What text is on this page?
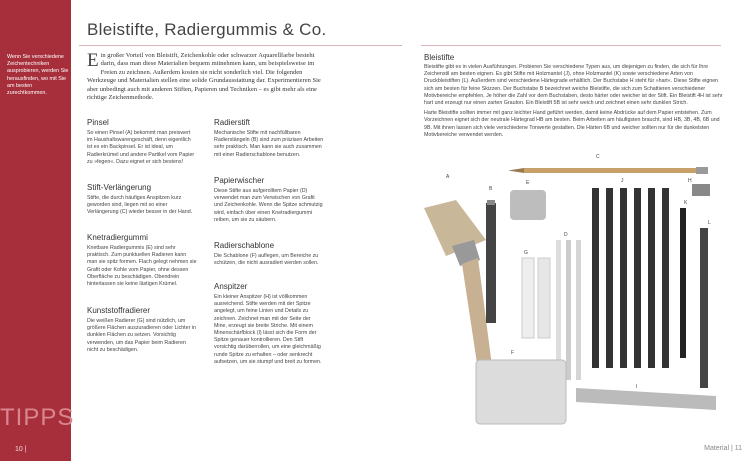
Wenn Sie verschiedene Zeichentechniken ausprobieren, werden Sie herausfinden, wo mit Sie am besten zurechtkommen.
TIPPS
10 |	Material | 11
Bleistifte, Radiergummis & Co.
Ein großer Vorteil von Bleistift, Zeichenkohle oder schwarzer Aquarellfarbe besteht darin, dass man diese Materialien bequem mitnehmen kann, um beispielsweise im Freien zu zeichnen. Außerdem kosten sie nicht sonderlich viel. Die folgenden Werkzeuge und Materialien stellen eine solide Grundausstattung dar. Experimentieren Sie aber unbedingt auch mit anderen Stiften, Papieren und Techniken – es gibt mehr als eine richtige Zeichenmethode.
Pinsel

So einen Pinsel (A) bekommt man preiswert im Haushaltswarengeschäft, denn eigentlich ist es ein Backpinsel. Er ist ideal, um Radierkrümel und andere Partikel vom Papier zu »fegen«. Dazu eignet er sich bestens!

Stift-Verlängerung

Stifte, die durch häufiges Anspitzen kurz geworden sind, liegen mit so einer Verlängerung (C) wieder besser in der Hand.

Knetradiergummi

Knetbare Radiergummis (E) sind sehr praktisch. Zum punktuellen Radieren kann man sie spitz formen. Flach gelegt nehmen sie Grafit oder Kohle vom Papier, ohne dessen Oberfläche zu beschädigen. Obendrein hinterlassen sie keine lästigen Krümel.

Kunststoffradierer

Die weißen Radierer (G) sind nützlich, um größere Flächen auszuradieren oder Lichter in dunklen Flächen zu setzen. Vorsichtig verwenden, um das Papier beim Radieren nicht zu beschädigen.

Radierstift

Mechanische Stifte mit nachfüllbaren Radierstängeln (B) sind zum präzisen Arbeiten sehr praktisch. Man kann sie auch zusammen mit einer Radierschablone benutzen.

Papierwischer

Diese Stifte aus aufgerolltem Papier (D) verwendet man zum Verwischen von Grafit und Zeichenkohle. Wenn die Spitze schmutzig wird, einfach über einen Knetradiergummi reiben, um sie zu säubern.

Radierschablone

Die Schablone (F) auflegen, um Bereiche zu schützen, die nicht ausradiert werden sollen.

Anspitzer

Ein kleiner Anspitzer (H) ist völlkommen ausreichend. Stifte werden mit der Spitze angelegt, um feine Linien und Details zu zeichnen. Zeichnet man mit der Seite der Mine, erzeugt sie breite Striche. Mit einem Minenschärfblock (I) lässt sich die Form der Spitze genauer kontrollieren. Den Stift vorsichtig darüberrollen, um eine gleichmäßig runde Spitze zu erhalten – oder senkrecht aufsetzen, um sie stumpf und breit zu formen.

Bleistifte

Bleistifte gibt es in vielen Ausführungen. Probieren Sie verschiedene Typen aus, um diejenigen zu finden, die sich für Ihre Zeichenstil am besten eignen. Es gibt Stifte mit Holzmantel (J), ohne Holzmantel (K) sowie verschiedene Arten von Druckbleistiften (L). Außerdem sind verschiedene Härtegrade erhältlich. Der Buchstabe H steht für »hart«. Diese Stifte eignen sich am besten für feine Skizzen. Der Buchstabe B bezeichnet weiche Bleistifte, die sich zum Schattieren verschiedener Motivbereiche empfehlen. Je höher die Zahl vor dem Buchstaben, desto härter oder weicher ist der Stift. Ein Bleistift 4H ist sehr hart und erzeugt nur einen zarten Grauton. Ein Bleistift 5B ist sehr weich und zeichnet einen sehr dunklen Strich.

Harte Bleistifte sollten immer mit ganz leichter Hand geführt werden, damit keine Abdrücke auf dem Papier entstehen. Zum Vorzeichnen eignet sich der neutrale Härtegrad HB am besten. Beim Arbeiten am häufigsten braucht, sind HB, 3B, 4B, 6B und 9B. Mit ihnen lassen sich viele verschiedene Tonwerte gestalten. Die Härten 6B und weicher sollten nur für die dunkelsten Motivbereiche verwendet werden.

A
B
C
D
E
F
G
H
I
J
K
L
